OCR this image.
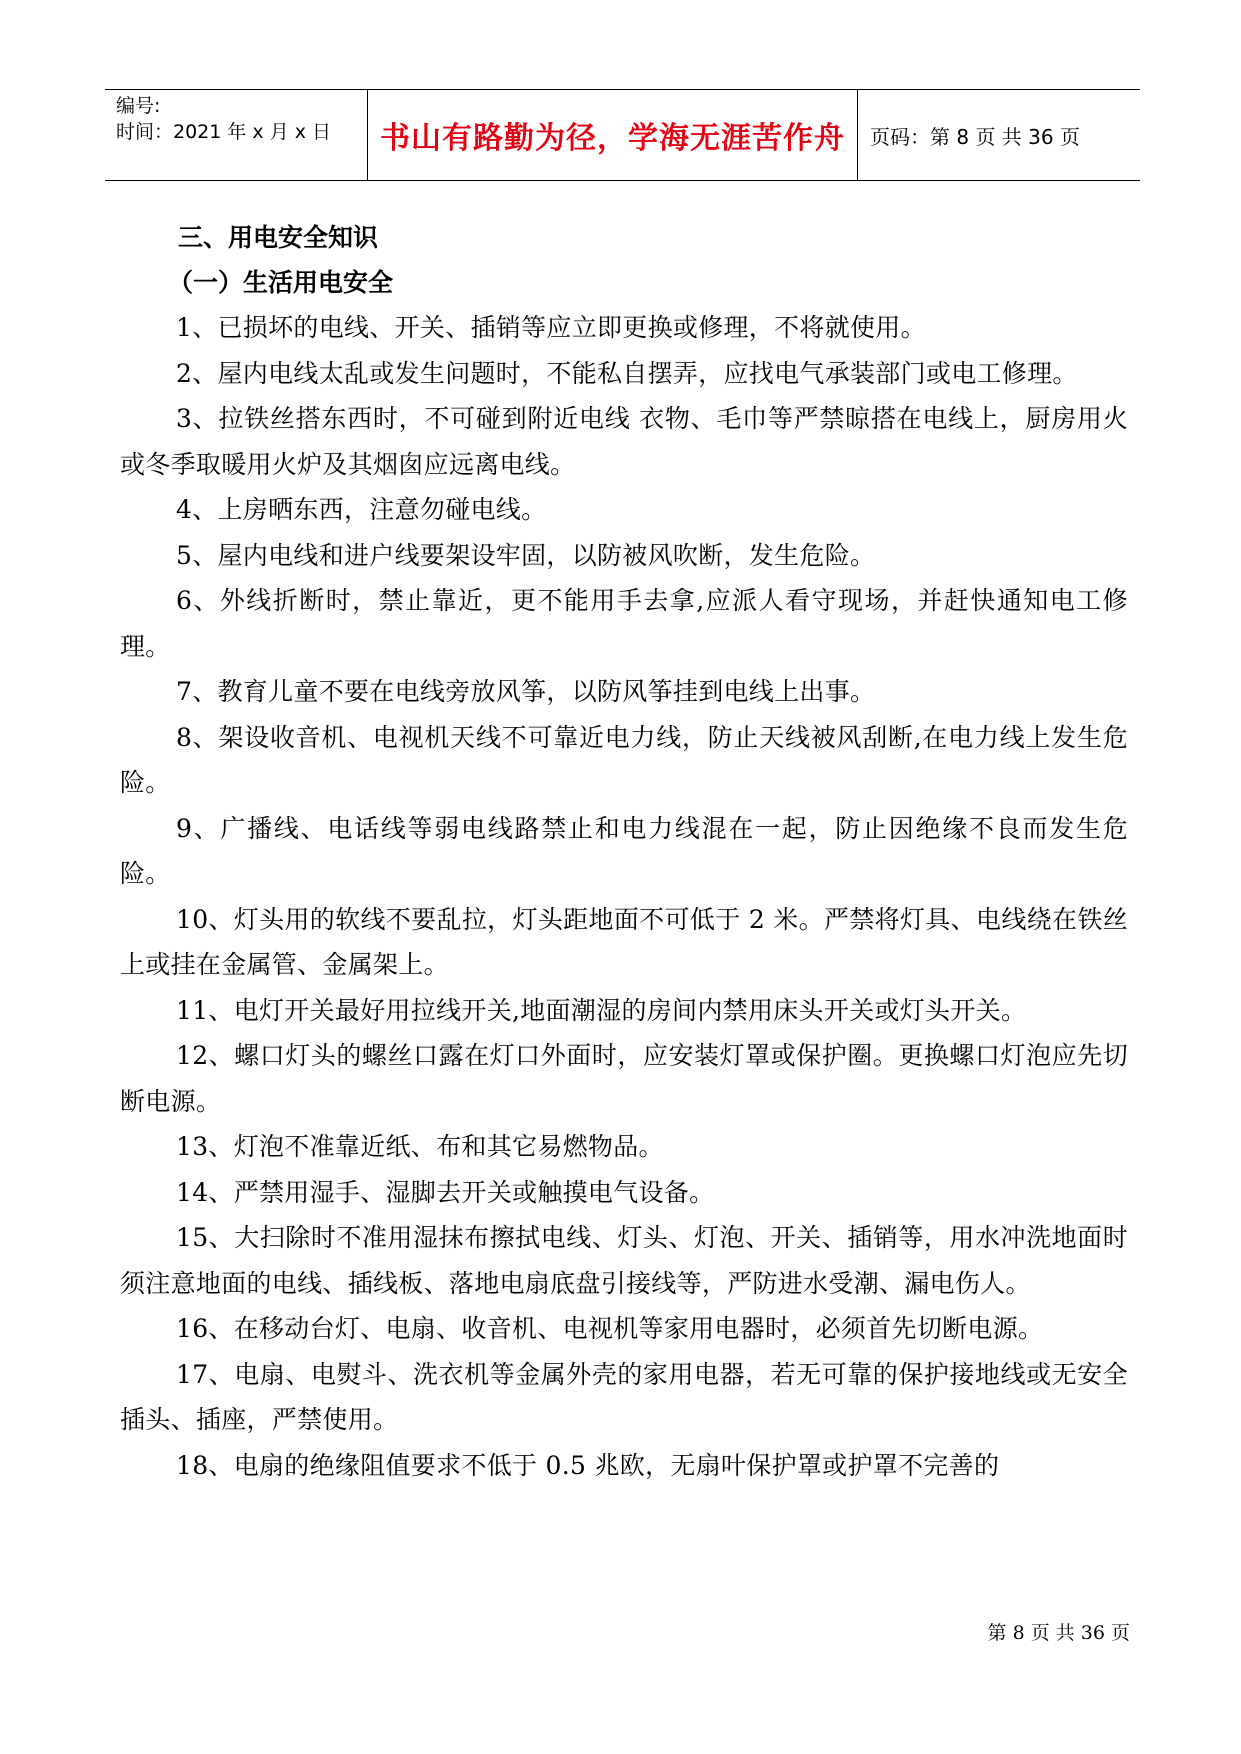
编号:
时间：2021 年 x 月 x 日	书山有路勤为径，学海无涯苦作舟	页码：第 8 页 共 36 页
三、用电安全知识
（一）生活用电安全

1、已损坏的电线、开关、插销等应立即更换或修理，不将就使用。

2、屋内电线太乱或发生问题时，不能私自摆弄，应找电气承装部门或电工修理。

3、拉铁丝搭东西时，不可碰到附近电线 衣物、毛巾等严禁晾搭在电线上，厨房用火或冬季取暖用火炉及其烟囱应远离电线。

4、上房晒东西，注意勿碰电线。

5、屋内电线和进户线要架设牢固，以防被风吹断，发生危险。

6、外线折断时，禁止靠近，更不能用手去拿,应派人看守现场，并赶快通知电工修理。

7、教育儿童不要在电线旁放风筝，以防风筝挂到电线上出事。

8、架设收音机、电视机天线不可靠近电力线，防止天线被风刮断,在电力线上发生危险。

9、广播线、电话线等弱电线路禁止和电力线混在一起，防止因绝缘不良而发生危险。

10、灯头用的软线不要乱拉，灯头距地面不可低于 2 米。严禁将灯具、电线绕在铁丝上或挂在金属管、金属架上。

11、电灯开关最好用拉线开关,地面潮湿的房间内禁用床头开关或灯头开关。

12、螺口灯头的螺丝口露在灯口外面时，应安装灯罩或保护圈。更换螺口灯泡应先切断电源。

13、灯泡不准靠近纸、布和其它易燃物品。

14、严禁用湿手、湿脚去开关或触摸电气设备。

15、大扫除时不准用湿抹布擦拭电线、灯头、灯泡、开关、插销等，用水冲洗地面时须注意地面的电线、插线板、落地电扇底盘引接线等，严防进水受潮、漏电伤人。

16、在移动台灯、电扇、收音机、电视机等家用电器时，必须首先切断电源。

17、电扇、电熨斗、洗衣机等金属外壳的家用电器，若无可靠的保护接地线或无安全插头、插座，严禁使用。

18、电扇的绝缘阻值要求不低于 0.5 兆欧，无扇叶保护罩或护罩不完善的

第 8 页 共 36 页
